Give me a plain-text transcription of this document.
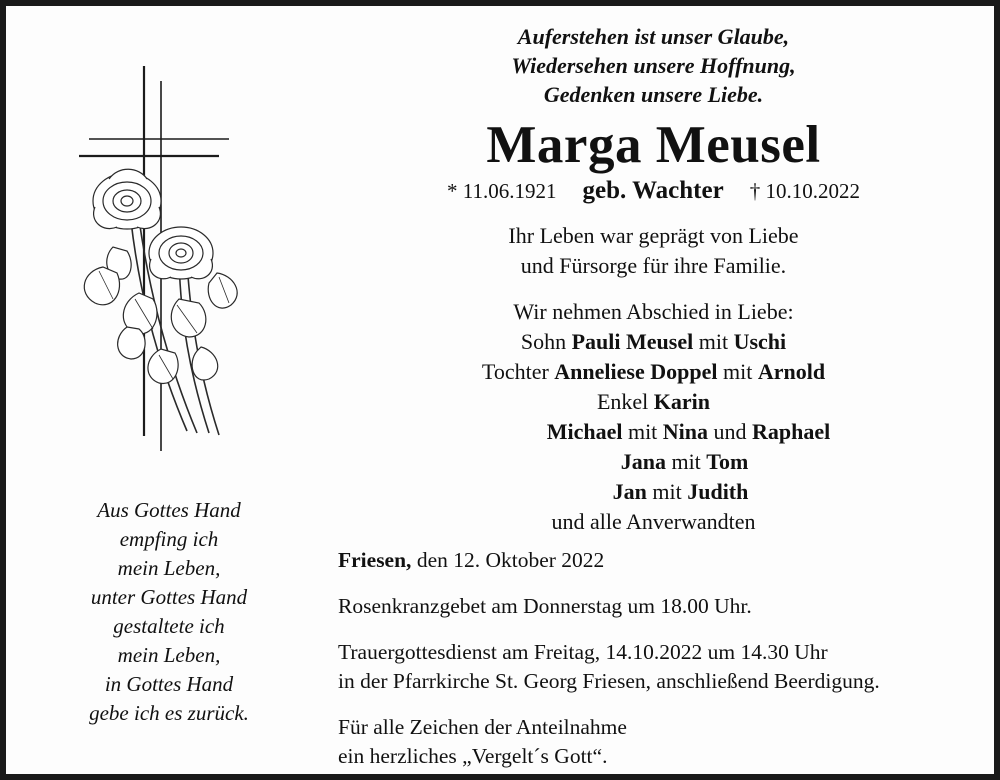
Aus Gottes Hand
empfing ich
mein Leben,
unter Gottes Hand
gestaltete ich
mein Leben,
in Gottes Hand
gebe ich es zurück.
Auferstehen ist unser Glaube,
Wiedersehen unsere Hoffnung,
Gedenken unsere Liebe.
Marga Meusel
* 11.06.1921 geb. Wachter † 10.10.2022
Ihr Leben war geprägt von Liebe
und Fürsorge für ihre Familie.
Wir nehmen Abschied in Liebe:
Sohn Pauli Meusel mit Uschi
Tochter Anneliese Doppel mit Arnold
Enkel Karin
Michael mit Nina und Raphael
Jana mit Tom
Jan mit Judith
und alle Anverwandten

Friesen, den 12. Oktober 2022

Rosenkranzgebet am Donnerstag um 18.00 Uhr.

Trauergottesdienst am Freitag, 14.10.2022 um 14.30 Uhr
in der Pfarrkirche St. Georg Friesen, anschließend Beerdigung.

Für alle Zeichen der Anteilnahme
ein herzliches „Vergelt´s Gott“.
